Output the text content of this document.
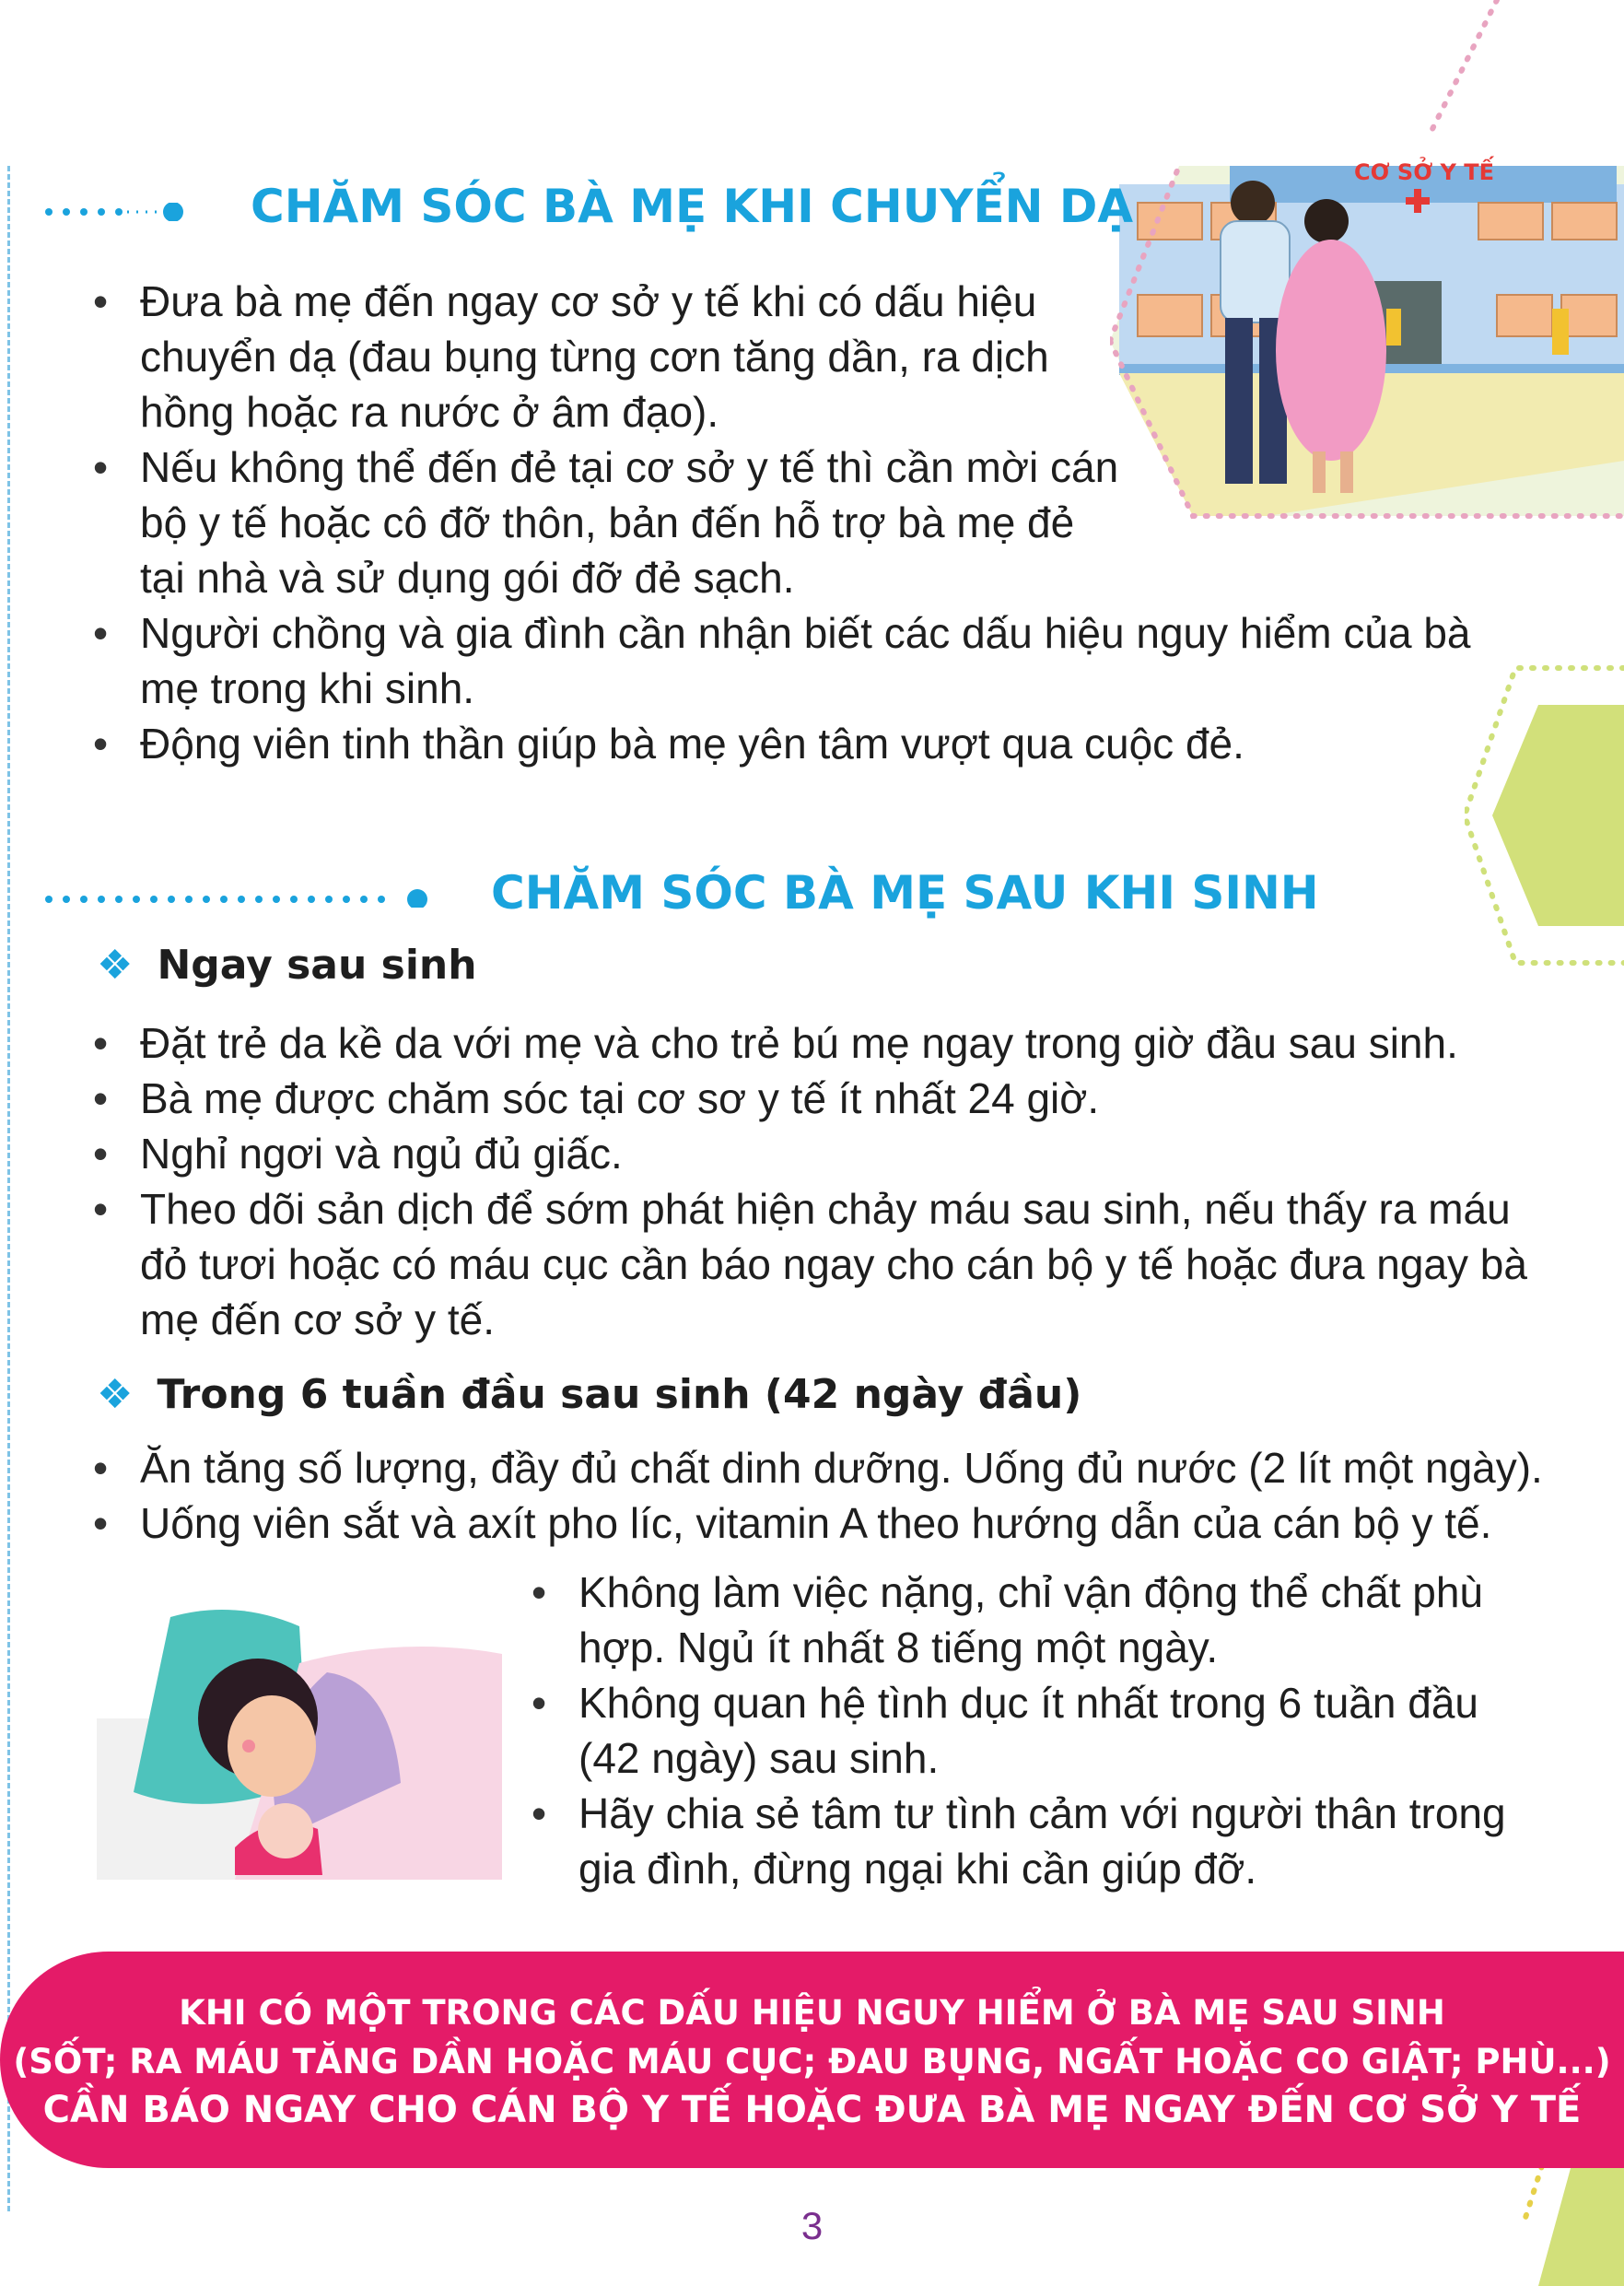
CƠ SỞ Y TẾ
CHĂM SÓC BÀ MẸ KHI CHUYỂN DẠ
• Đưa bà mẹ đến ngay cơ sở y tế khi có dấu hiệu chuyển dạ (đau bụng từng cơn tăng dần, ra dịch hồng hoặc ra nước ở âm đạo).
• Nếu không thể đến đẻ tại cơ sở y tế thì cần mời cán bộ y tế hoặc cô đỡ thôn, bản đến hỗ trợ bà mẹ đẻ tại nhà và sử dụng gói đỡ đẻ sạch.
• Người chồng và gia đình cần nhận biết các dấu hiệu nguy hiểm của bà mẹ trong khi sinh.
• Động viên tinh thần giúp bà mẹ yên tâm vượt qua cuộc đẻ.
CHĂM SÓC BÀ MẸ SAU KHI SINH
❖ Ngay sau sinh
• Đặt trẻ da kề da với mẹ và cho trẻ bú mẹ ngay trong giờ đầu sau sinh.
• Bà mẹ được chăm sóc tại cơ sơ y tế ít nhất 24 giờ.
• Nghỉ ngơi và ngủ đủ giấc.
• Theo dõi sản dịch để sớm phát hiện chảy máu sau sinh, nếu thấy ra máu đỏ tươi hoặc có máu cục cần báo ngay cho cán bộ y tế hoặc đưa ngay bà mẹ đến cơ sở y tế.
❖ Trong 6 tuần đầu sau sinh (42 ngày đầu)
• Ăn tăng số lượng, đầy đủ chất dinh dưỡng. Uống đủ nước (2 lít một ngày).
• Uống viên sắt và axít pho líc, vitamin A theo hướng dẫn của cán bộ y tế.
• Không làm việc nặng, chỉ vận động thể chất phù hợp. Ngủ ít nhất 8 tiếng một ngày.
• Không quan hệ tình dục ít nhất trong 6 tuần đầu (42 ngày) sau sinh.
• Hãy chia sẻ tâm tư tình cảm với người thân trong gia đình, đừng ngại khi cần giúp đỡ.

KHI CÓ MỘT TRONG CÁC DẤU HIỆU NGUY HIỂM Ở BÀ MẸ SAU SINH

(SỐT; RA MÁU TĂNG DẦN HOẶC MÁU CỤC; ĐAU BỤNG, NGẤT HOẶC CO GIẬT; PHÙ...)

CẦN BÁO NGAY CHO CÁN BỘ Y TẾ HOẶC ĐƯA BÀ MẸ NGAY ĐẾN CƠ SỞ Y TẾ

3
